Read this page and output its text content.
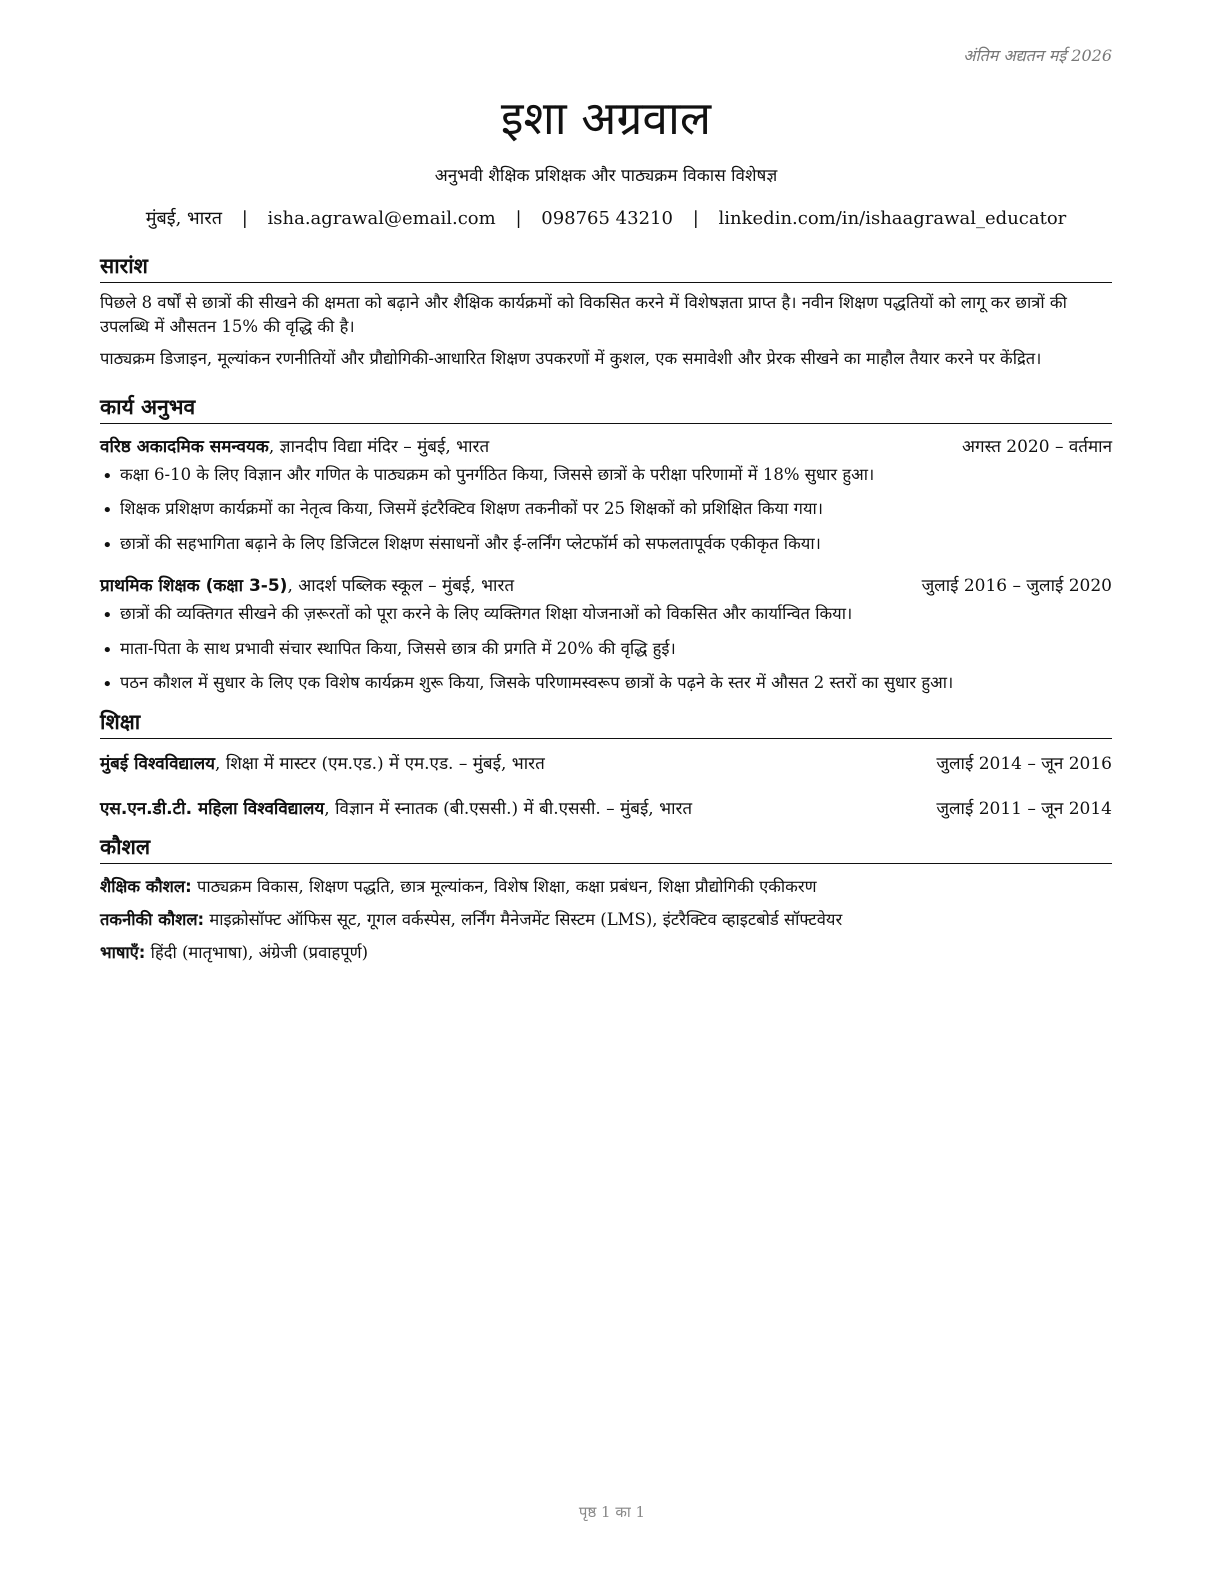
अंतिम अद्यतन मई 2026
इशा अग्रवाल
अनुभवी शैक्षिक प्रशिक्षक और पाठ्यक्रम विकास विशेषज्ञ
मुंबई, भारत | isha.agrawal@email.com | 098765 43210 | linkedin.com/in/ishaagrawal_educator
सारांश
पिछले 8 वर्षों से छात्रों की सीखने की क्षमता को बढ़ाने और शैक्षिक कार्यक्रमों को विकसित करने में विशेषज्ञता प्राप्त है। नवीन शिक्षण पद्धतियों को लागू कर छात्रों की उपलब्धि में औसतन 15% की वृद्धि की है।
पाठ्यक्रम डिजाइन, मूल्यांकन रणनीतियों और प्रौद्योगिकी-आधारित शिक्षण उपकरणों में कुशल, एक समावेशी और प्रेरक सीखने का माहौल तैयार करने पर केंद्रित।
कार्य अनुभव
वरिष्ठ अकादमिक समन्वयक, ज्ञानदीप विद्या मंदिर – मुंबई, भारत	अगस्त 2020 – वर्तमान
• कक्षा 6-10 के लिए विज्ञान और गणित के पाठ्यक्रम को पुनर्गठित किया, जिससे छात्रों के परीक्षा परिणामों में 18% सुधार हुआ।
• शिक्षक प्रशिक्षण कार्यक्रमों का नेतृत्व किया, जिसमें इंटरैक्टिव शिक्षण तकनीकों पर 25 शिक्षकों को प्रशिक्षित किया गया।
• छात्रों की सहभागिता बढ़ाने के लिए डिजिटल शिक्षण संसाधनों और ई-लर्निंग प्लेटफॉर्म को सफलतापूर्वक एकीकृत किया।
प्राथमिक शिक्षक (कक्षा 3-5), आदर्श पब्लिक स्कूल – मुंबई, भारत	जुलाई 2016 – जुलाई 2020
• छात्रों की व्यक्तिगत सीखने की ज़रूरतों को पूरा करने के लिए व्यक्तिगत शिक्षा योजनाओं को विकसित और कार्यान्वित किया।
• माता-पिता के साथ प्रभावी संचार स्थापित किया, जिससे छात्र की प्रगति में 20% की वृद्धि हुई।
• पठन कौशल में सुधार के लिए एक विशेष कार्यक्रम शुरू किया, जिसके परिणामस्वरूप छात्रों के पढ़ने के स्तर में औसत 2 स्तरों का सुधार हुआ।
शिक्षा
मुंबई विश्वविद्यालय, शिक्षा में मास्टर (एम.एड.) में एम.एड. – मुंबई, भारत	जुलाई 2014 – जून 2016
एस.एन.डी.टी. महिला विश्वविद्यालय, विज्ञान में स्नातक (बी.एससी.) में बी.एससी. – मुंबई, भारत	जुलाई 2011 – जून 2014
कौशल
शैक्षिक कौशल: पाठ्यक्रम विकास, शिक्षण पद्धति, छात्र मूल्यांकन, विशेष शिक्षा, कक्षा प्रबंधन, शिक्षा प्रौद्योगिकी एकीकरण
तकनीकी कौशल: माइक्रोसॉफ्ट ऑफिस सूट, गूगल वर्कस्पेस, लर्निंग मैनेजमेंट सिस्टम (LMS), इंटरैक्टिव व्हाइटबोर्ड सॉफ्टवेयर
भाषाएँ: हिंदी (मातृभाषा), अंग्रेजी (प्रवाहपूर्ण)
पृष्ठ 1 का 1
